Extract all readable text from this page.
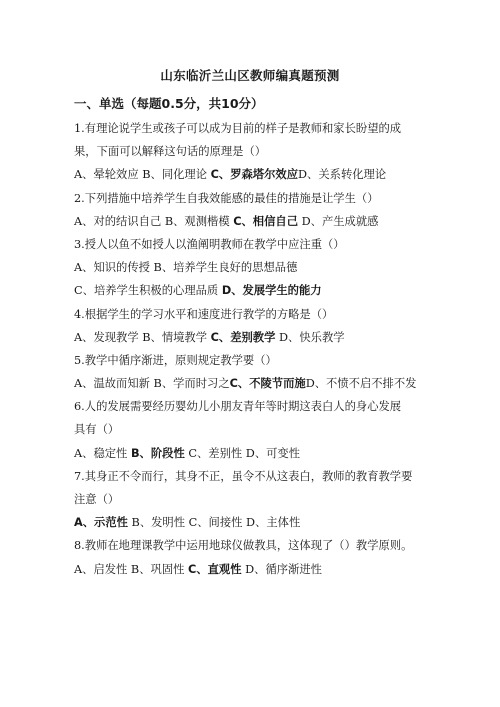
山东临沂兰山区教师编真题预测
一、单选（每题0.5分，共10分）
1.有理论说学生或孩子可以成为目前的样子是教师和家长盼望的成
果，下面可以解释这句话的原理是（）
A、晕轮效应 B、同化理论 C、罗森塔尔效应D、关系转化理论
2.下列措施中培养学生自我效能感的最佳的措施是让学生（）
A、对的结识自己 B、观测楷模 C、相信自己 D、产生成就感
3.授人以鱼不如授人以渔阐明教师在教学中应注重（）
A、知识的传授 B、培养学生良好的思想品德
C、培养学生积极的心理品质 D、发展学生的能力
4.根据学生的学习水平和速度进行教学的方略是（）
A、发现教学 B、情境教学 C、差别教学 D、快乐教学
5.教学中循序渐进，原则规定教学要（）
A、温故而知新 B、学而时习之C、不陵节而施D、不愤不启不排不发
6.人的发展需要经历婴幼儿小朋友青年等时期这表白人的身心发展
具有（）
A、稳定性 B、阶段性 C、差别性 D、可变性
7.其身正不令而行，其身不正，虽令不从这表白，教师的教育教学要
注意（）
A、示范性 B、发明性 C、间接性 D、主体性
8.教师在地理课教学中运用地球仪做教具，这体现了（）教学原则。
A、启发性 B、巩固性 C、直观性 D、循序渐进性
